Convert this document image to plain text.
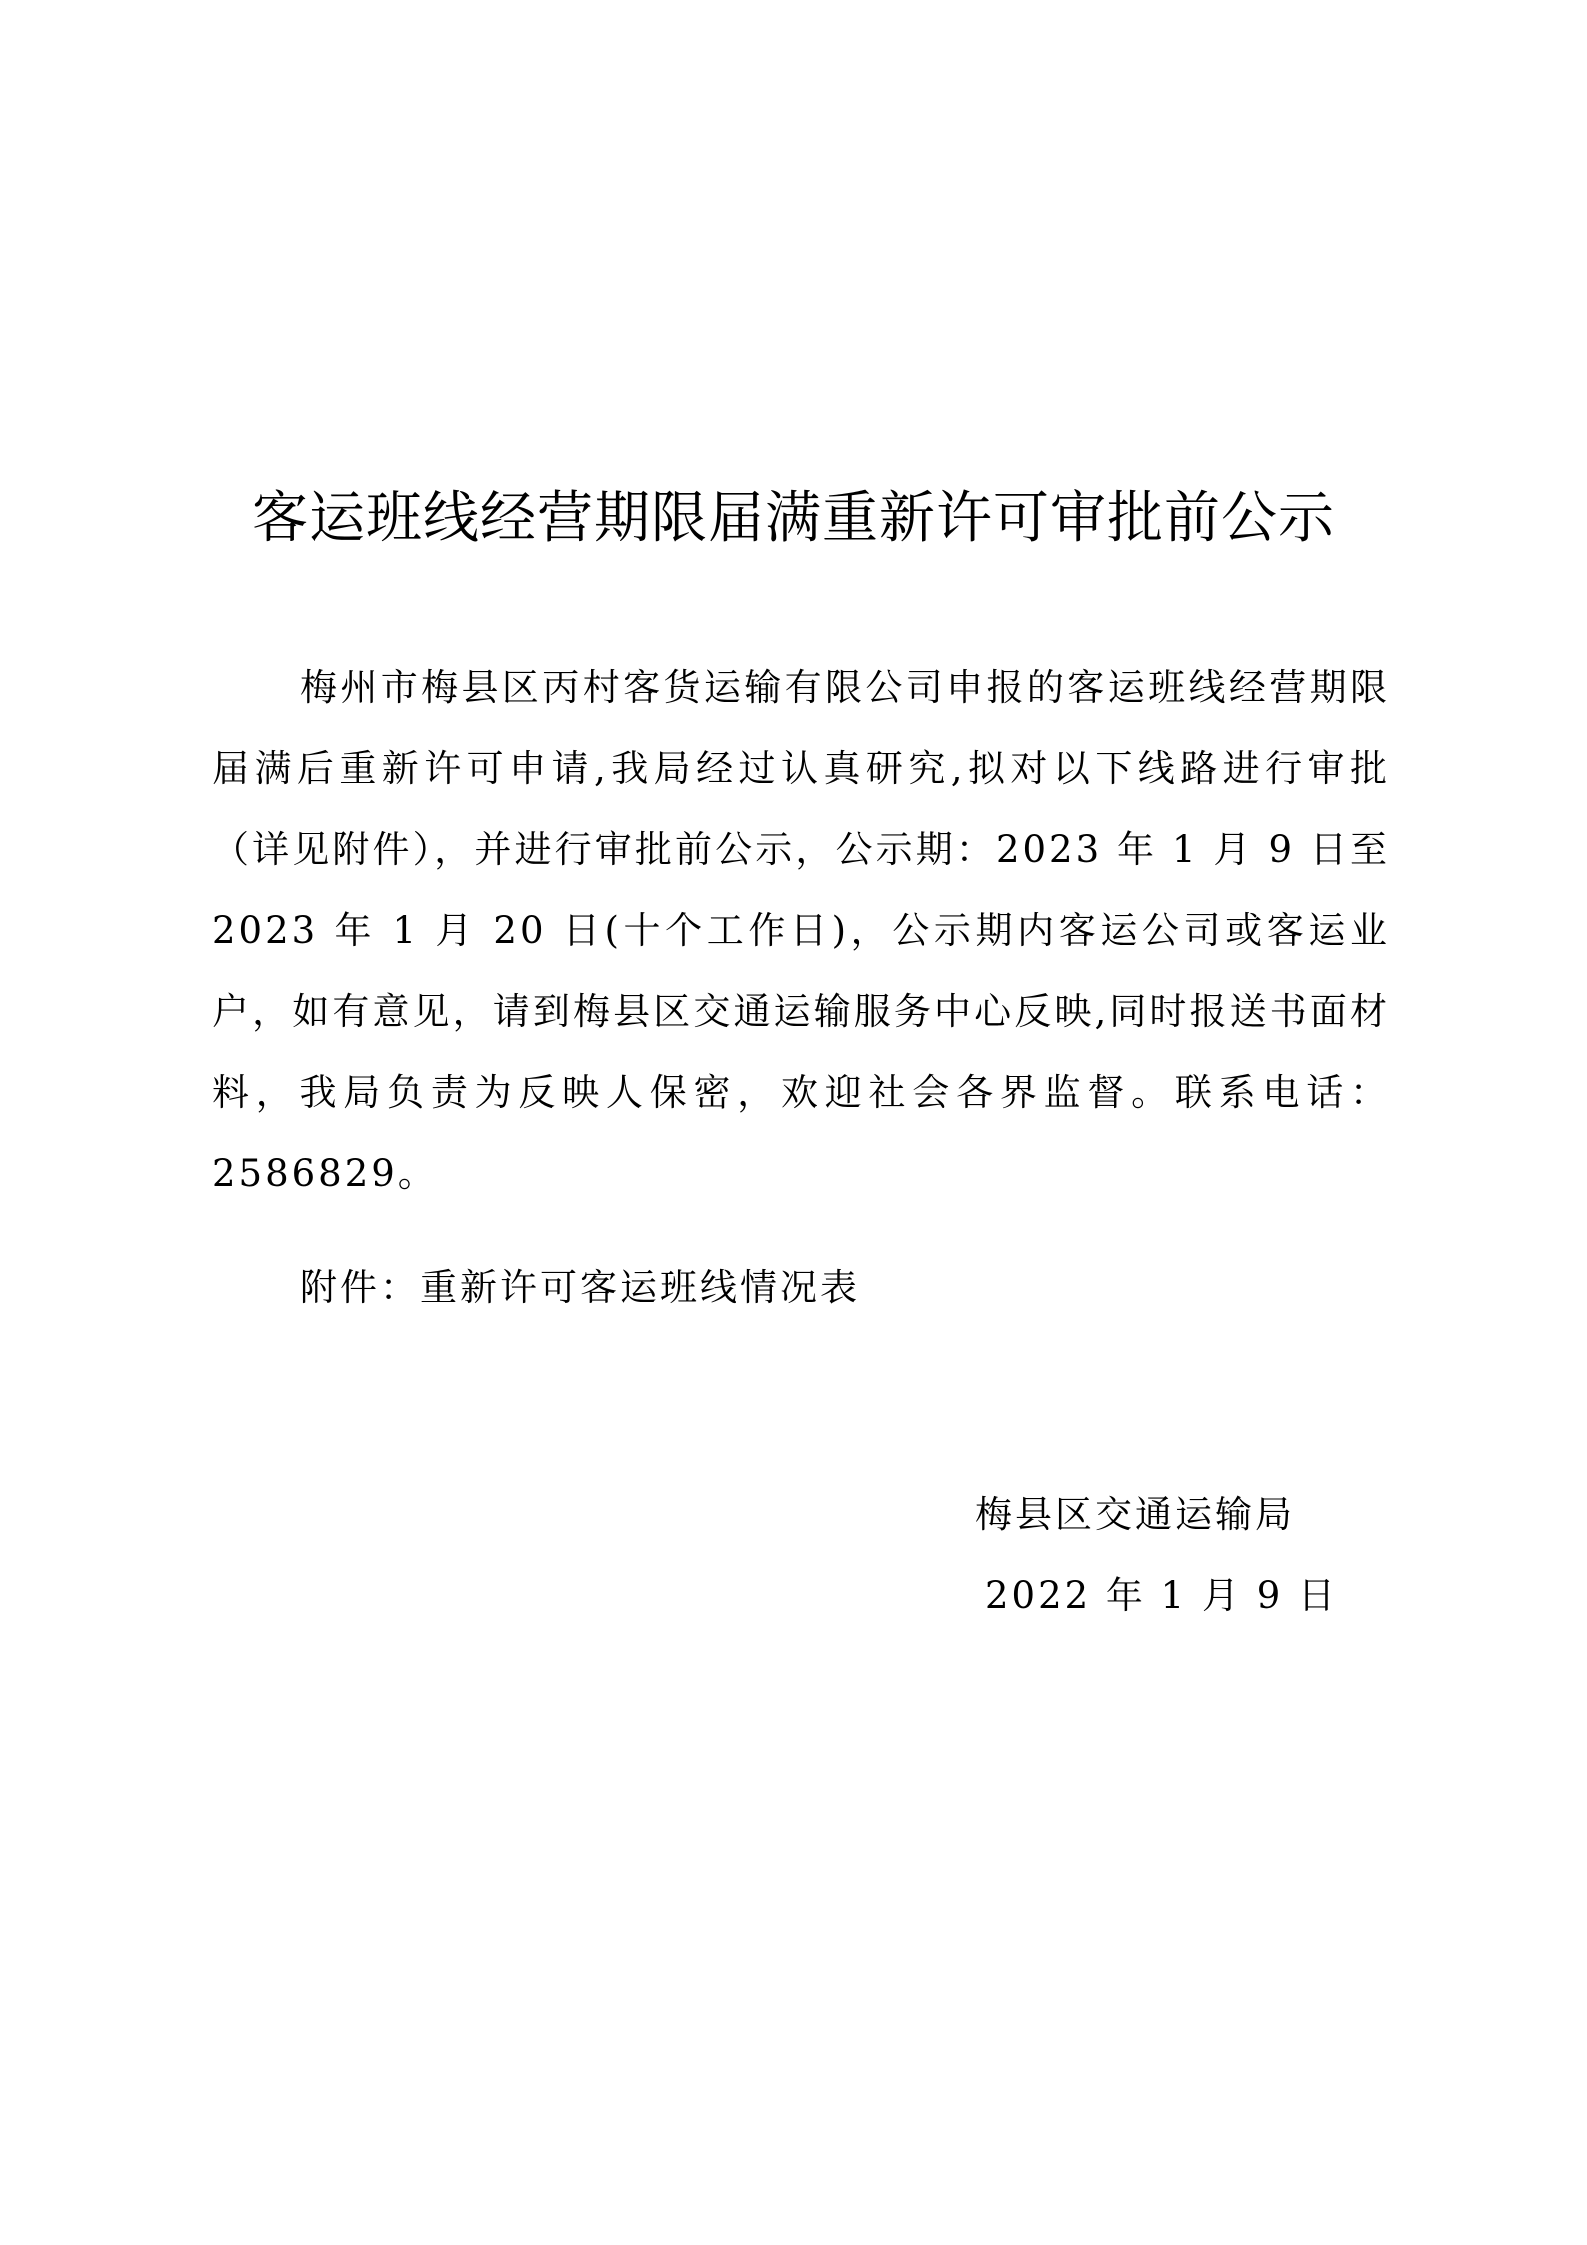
客运班线经营期限届满重新许可审批前公示

梅州市梅县区丙村客货运输有限公司申报的客运班线经营期限届满后重新许可申请,我局经过认真研究,拟对以下线路进行审批（详见附件），并进行审批前公示，公示期：2023 年 1 月 9 日至 2023 年 1 月 20 日(十个工作日)，公示期内客运公司或客运业户，如有意见，请到梅县区交通运输服务中心反映,同时报送书面材料，我局负责为反映人保密，欢迎社会各界监督。联系电话：2586829。

附件：重新许可客运班线情况表

梅县区交通运输局
2022 年 1 月 9 日
